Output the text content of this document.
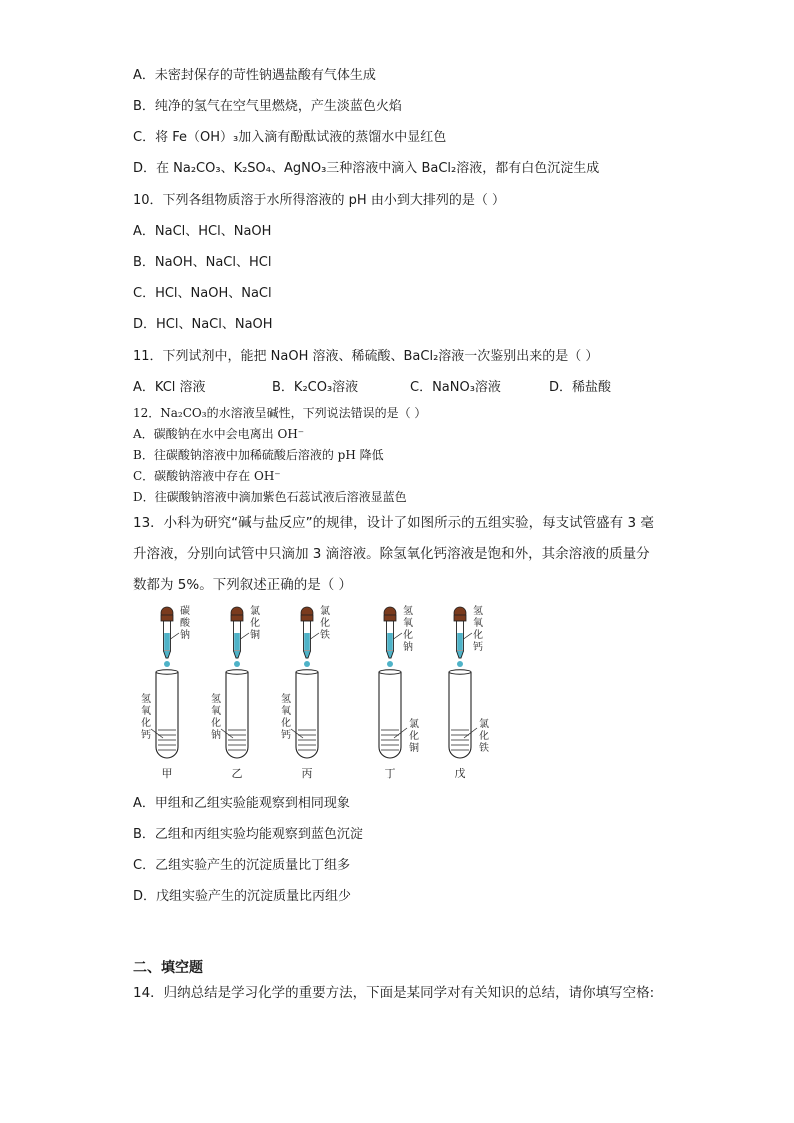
A．未密封保存的苛性钠遇盐酸有气体生成
B．纯净的氢气在空气里燃烧，产生淡蓝色火焰
C．将 Fe（OH）₃加入滴有酚酞试液的蒸馏水中显红色
D．在 Na₂CO₃、K₂SO₄、AgNO₃三种溶液中滴入 BaCl₂溶液，都有白色沉淀生成
10．下列各组物质溶于水所得溶液的 pH 由小到大排列的是（ ）
A．NaCl、HCl、NaOH
B．NaOH、NaCl、HCl
C．HCl、NaOH、NaCl
D．HCl、NaCl、NaOH
11．下列试剂中，能把 NaOH 溶液、稀硫酸、BaCl₂溶液一次鉴别出来的是（ ）
A．KCl 溶液	B．K₂CO₃溶液	C．NaNO₃溶液	D．稀盐酸
12．Na₂CO₃的水溶液呈碱性，下列说法错误的是（ ）
A．碳酸钠在水中会电离出 OH⁻
B．往碳酸钠溶液中加稀硫酸后溶液的 pH 降低
C．碳酸钠溶液中存在 OH⁻
D．往碳酸钠溶液中滴加紫色石蕊试液后溶液显蓝色
13．小科为研究“碱与盐反应”的规律，设计了如图所示的五组实验，每支试管盛有 3 毫
升溶液，分别向试管中只滴加 3 滴溶液。除氢氧化钙溶液是饱和外，其余溶液的质量分
数都为 5%。下列叙述正确的是（ ）
碳
酸
钠
氢
氧
化
钙
甲
氯
化
铜
氢
氧
化
钠
乙
氯
化
铁
氢
氧
化
钙
丙
氢
氧
化
钠
氯
化
铜
丁
氢
氧
化
钙
氯
化
铁
戊
A．甲组和乙组实验能观察到相同现象
B．乙组和丙组实验均能观察到蓝色沉淀
C．乙组实验产生的沉淀质量比丁组多
D．戊组实验产生的沉淀质量比丙组少
二、填空题
14．归纳总结是学习化学的重要方法，下面是某同学对有关知识的总结，请你填写空格:
